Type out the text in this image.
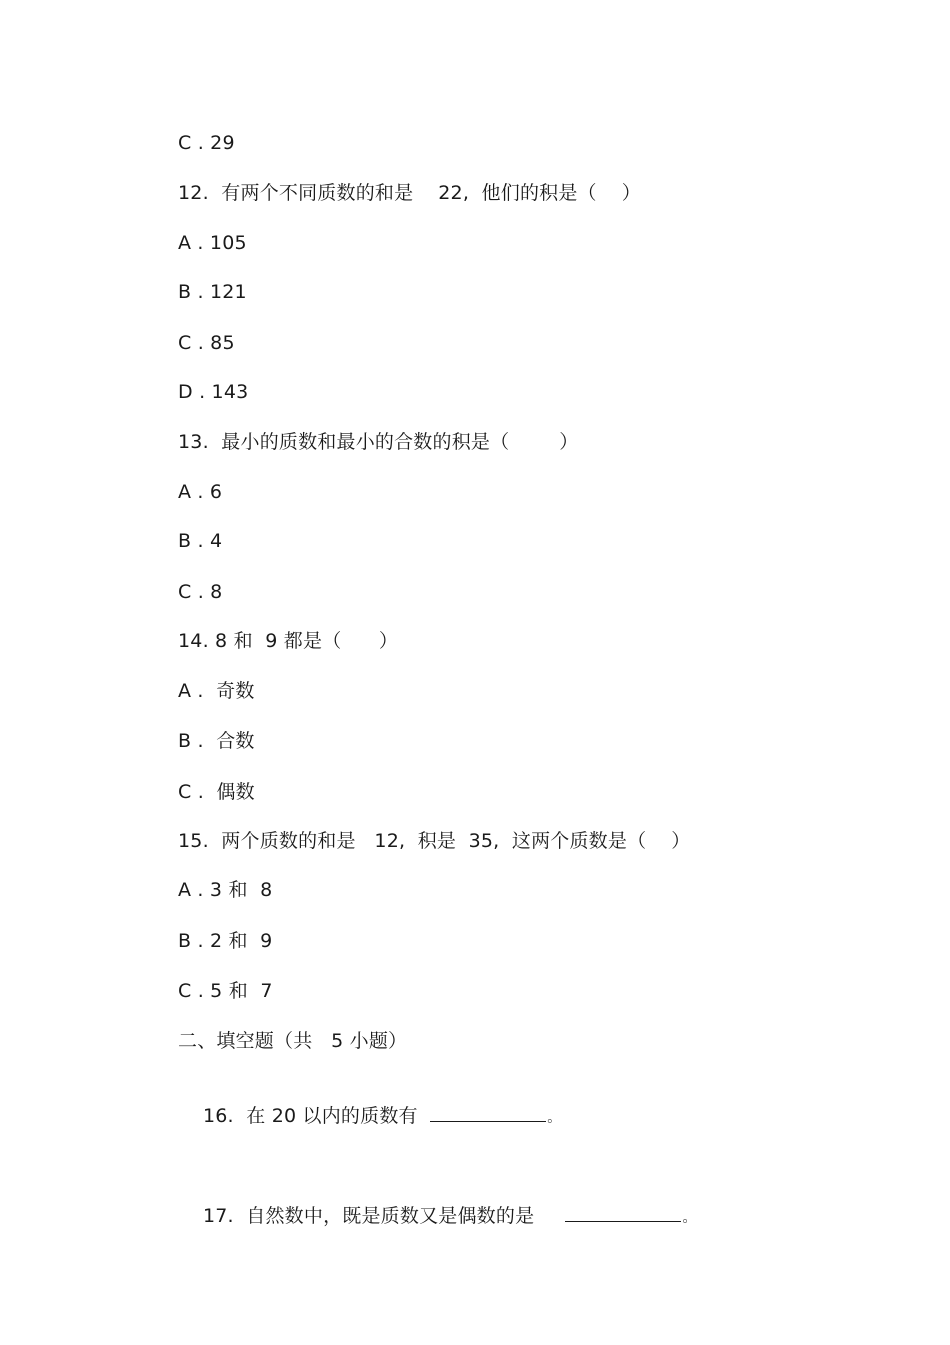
C . 29
12.  有两个不同质数的和是    22,  他们的积是（    ）
A . 105
B . 121
C . 85
D . 143
13.  最小的质数和最小的合数的积是（        ）
A . 6
B . 4
C . 8
14. 8 和  9 都是（      ）
A .  奇数
B .  合数
C .  偶数
15.  两个质数的和是   12,  积是  35,  这两个质数是（    ）
A . 3 和  8
B . 2 和  9
C . 5 和  7
二、填空题（共   5 小题）

16.  在 20 以内的质数有	。

17.  自然数中，既是质数又是偶数的是	。
